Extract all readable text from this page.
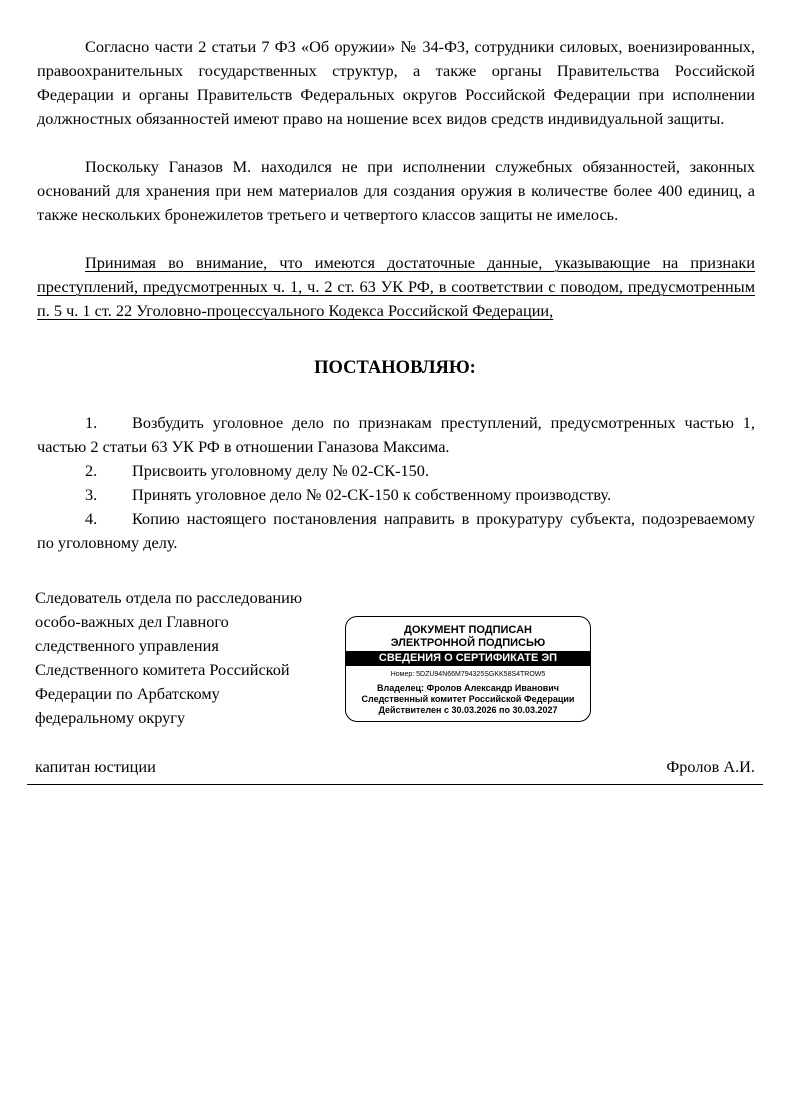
Согласно части 2 статьи 7 ФЗ «Об оружии» № 34-ФЗ, сотрудники силовых, военизированных, правоохранительных государственных структур, а также органы Правительства Российской Федерации и органы Правительств Федеральных округов Российской Федерации при исполнении должностных обязанностей имеют право на ношение всех видов средств индивидуальной защиты.

Поскольку Ганазов М. находился не при исполнении служебных обязанностей, законных оснований для хранения при нем материалов для создания оружия в количестве более 400 единиц, а также нескольких бронежилетов третьего и четвертого классов защиты не имелось.

Принимая во внимание, что имеются достаточные данные, указывающие на признаки преступлений, предусмотренных ч. 1, ч. 2 ст. 63 УК РФ, в соответствии с поводом, предусмотренным п. 5 ч. 1 ст. 22 Уголовно-процессуального Кодекса Российской Федерации,

ПОСТАНОВЛЯЮ:

1. Возбудить уголовное дело по признакам преступлений, предусмотренных частью 1, частью 2 статьи 63 УК РФ в отношении Ганазова Максима.

2. Присвоить уголовному делу № 02-СК-150.

3. Принять уголовное дело № 02-СК-150 к собственному производству.

4. Копию настоящего постановления направить в прокуратуру субъекта, подозреваемому по уголовному делу.

Следователь отдела по расследованию
особо-важных дел Главного
следственного управления
Следственного комитета Российской
Федерации по Арбатскому
федеральному округу
ДОКУМЕНТ ПОДПИСАН
ЭЛЕКТРОННОЙ ПОДПИСЬЮ
СВЕДЕНИЯ О СЕРТИФИКАТЕ ЭП
Номер: 5DZU94N66M794325SGKK58S4TROW5
Владелец: Фролов Александр Иванович
Следственный комитет Российской Федерации
Действителен с 30.03.2026 по 30.03.2027
капитан юстиции	Фролов А.И.
